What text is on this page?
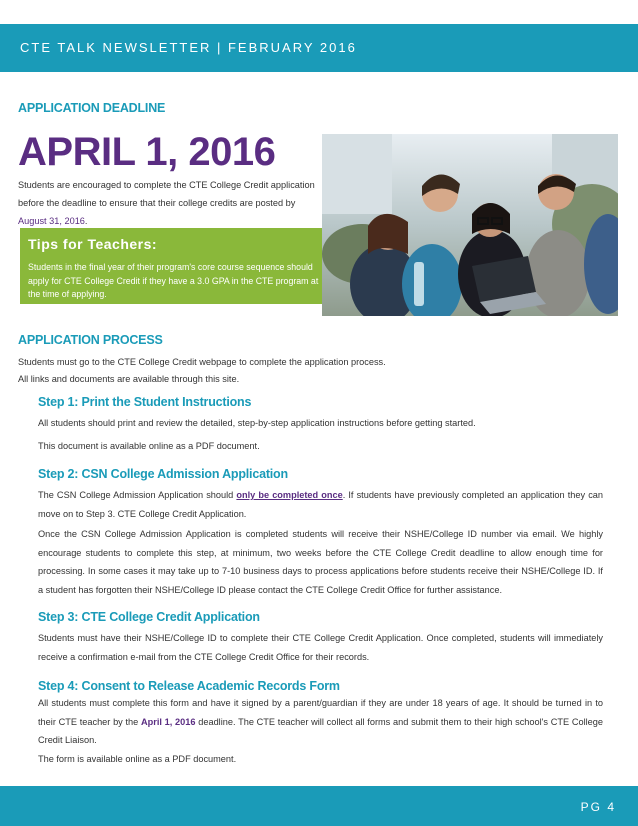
CTE TALK NEWSLETTER | FEBRUARY 2016
APPLICATION DEADLINE
APRIL 1, 2016
Students are encouraged to complete the CTE College Credit application before the deadline to ensure that their college credits are posted by August 31, 2016.
Tips for Teachers:
Students in the final year of their program's core course sequence should apply for CTE College Credit if they have a 3.0 GPA in the CTE program at the time of applying.
APPLICATION PROCESS
Students must go to the CTE College Credit webpage to complete the application process.
All links and documents are available through this site.
Step 1: Print the Student Instructions
All students should print and review the detailed, step-by-step application instructions before getting started.
This document is available online as a PDF document.
Step 2: CSN College Admission Application
The CSN College Admission Application should only be completed once. If students have previously completed an application they can move on to Step 3. CTE College Credit Application.
Once the CSN College Admission Application is completed students will receive their NSHE/College ID number via email. We highly encourage students to complete this step, at minimum, two weeks before the CTE College Credit deadline to allow enough time for processing. In some cases it may take up to 7-10 business days to process applications before students receive their NSHE/College ID. If a student has forgotten their NSHE/College ID please contact the CTE College Credit Office for further assistance.
Step 3: CTE College Credit Application
Students must have their NSHE/College ID to complete their CTE College Credit Application. Once completed, students will immediately receive a confirmation e-mail from the CTE College Credit Office for their records.
Step 4: Consent to Release Academic Records Form
All students must complete this form and have it signed by a parent/guardian if they are under 18 years of age. It should be turned in to their CTE teacher by the April 1, 2016 deadline. The CTE teacher will collect all forms and submit them to their high school's CTE College Credit Liaison.
The form is available online as a PDF document.
PG 4
